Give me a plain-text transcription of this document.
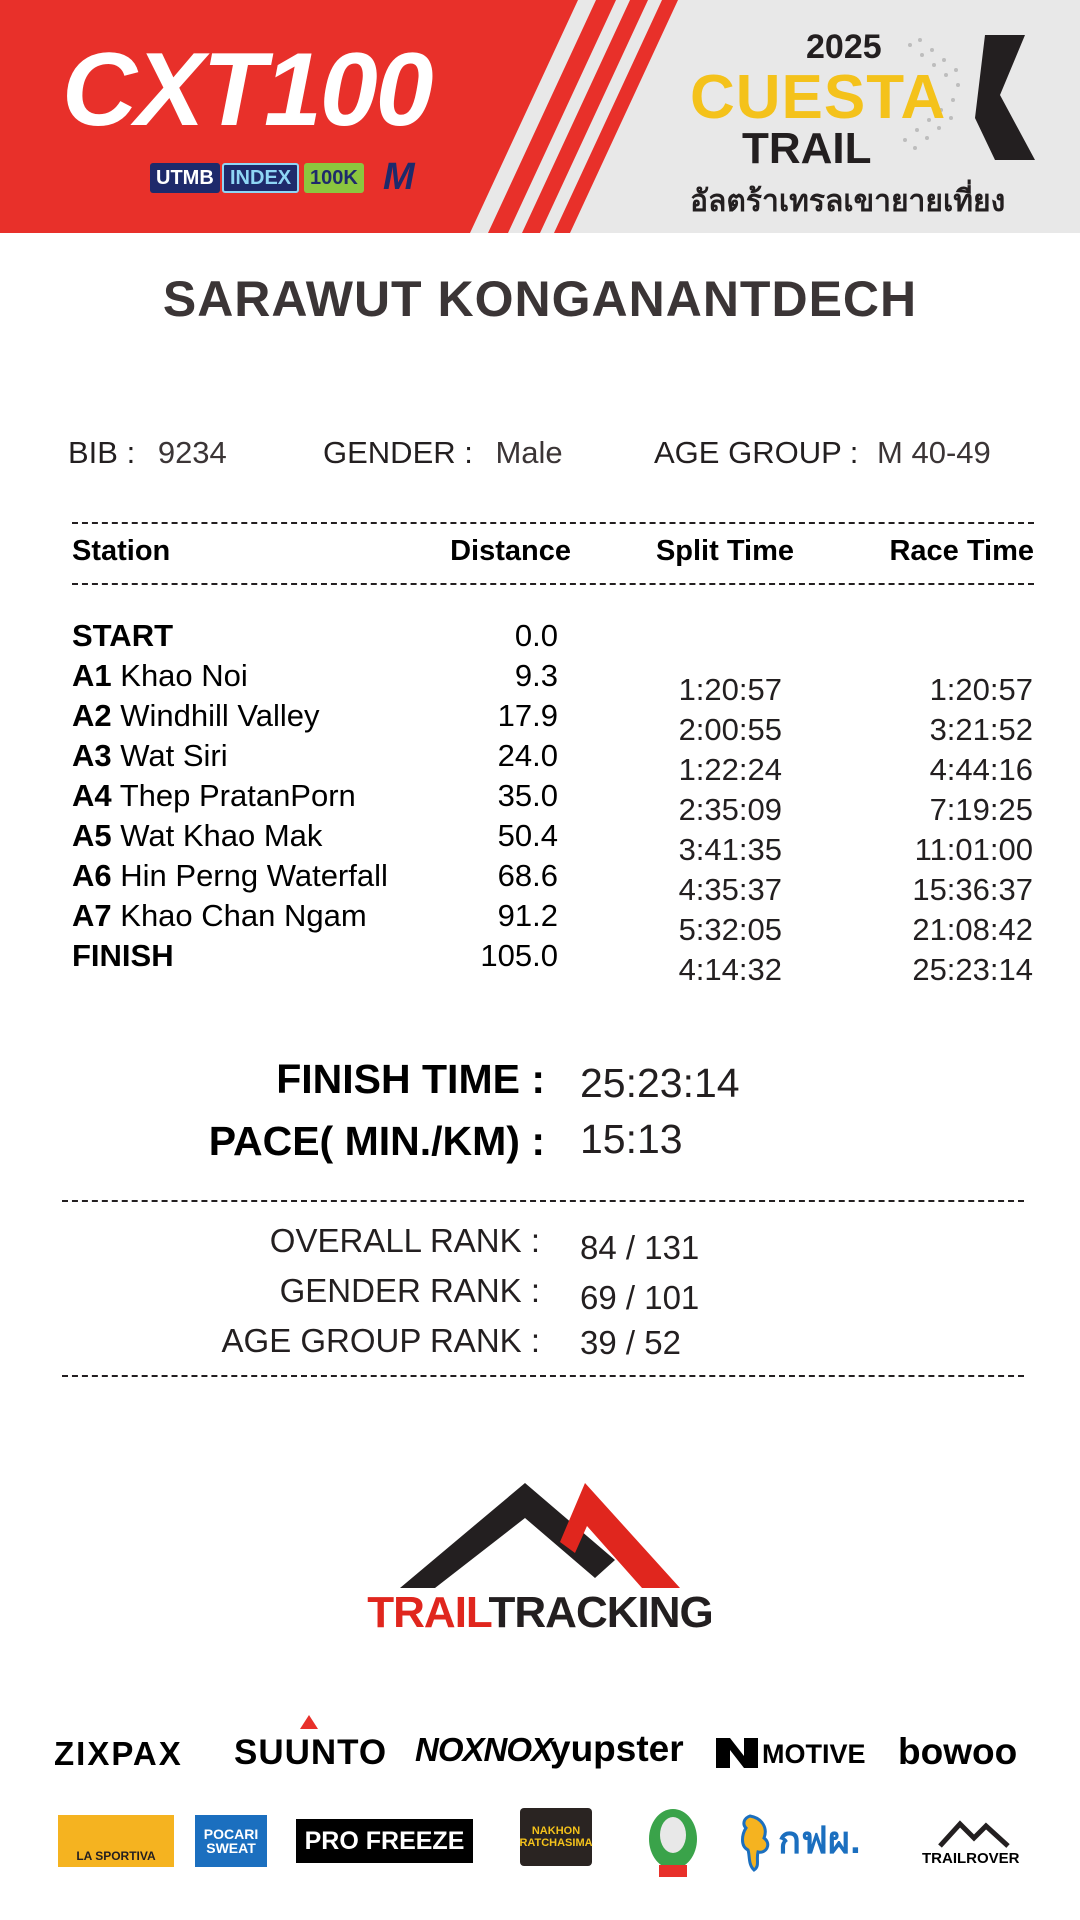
CXT100
UTMB INDEX 100K M
2025
CUESTA
TRAIL
อัลตร้าเทรลเขายายเที่ยง
SARAWUT KONGANANTDECH
BIB : 9234	GENDER : Male	AGE GROUP : M 40-49
Station	Distance	Split Time	Race Time
START	0.0
A1 Khao Noi	9.3	1:20:57	1:20:57
A2 Windhill Valley	17.9	2:00:55	3:21:52
A3 Wat Siri	24.0	1:22:24	4:44:16
A4 Thep PratanPorn	35.0	2:35:09	7:19:25
A5 Wat Khao Mak	50.4	3:41:35	11:01:00
A6 Hin Perng Waterfall	68.6	4:35:37	15:36:37
A7 Khao Chan Ngam	91.2	5:32:05	21:08:42
FINISH	105.0	4:14:32	25:23:14
FINISH TIME : 25:23:14
PACE( MIN./KM) : 15:13
OVERALL RANK : 84 / 131
GENDER RANK : 69 / 101
AGE GROUP RANK : 39 / 52
TRAILTRACKING
ZIXPAX SUUNTO NOXNOX
yupster	MOTIVE bowoo
LA SPORTIVA
POCARI
SWEAT	PRO FREEZE	NAKHON
RATCHASIMA	กฟผ.	TRAILROVER
